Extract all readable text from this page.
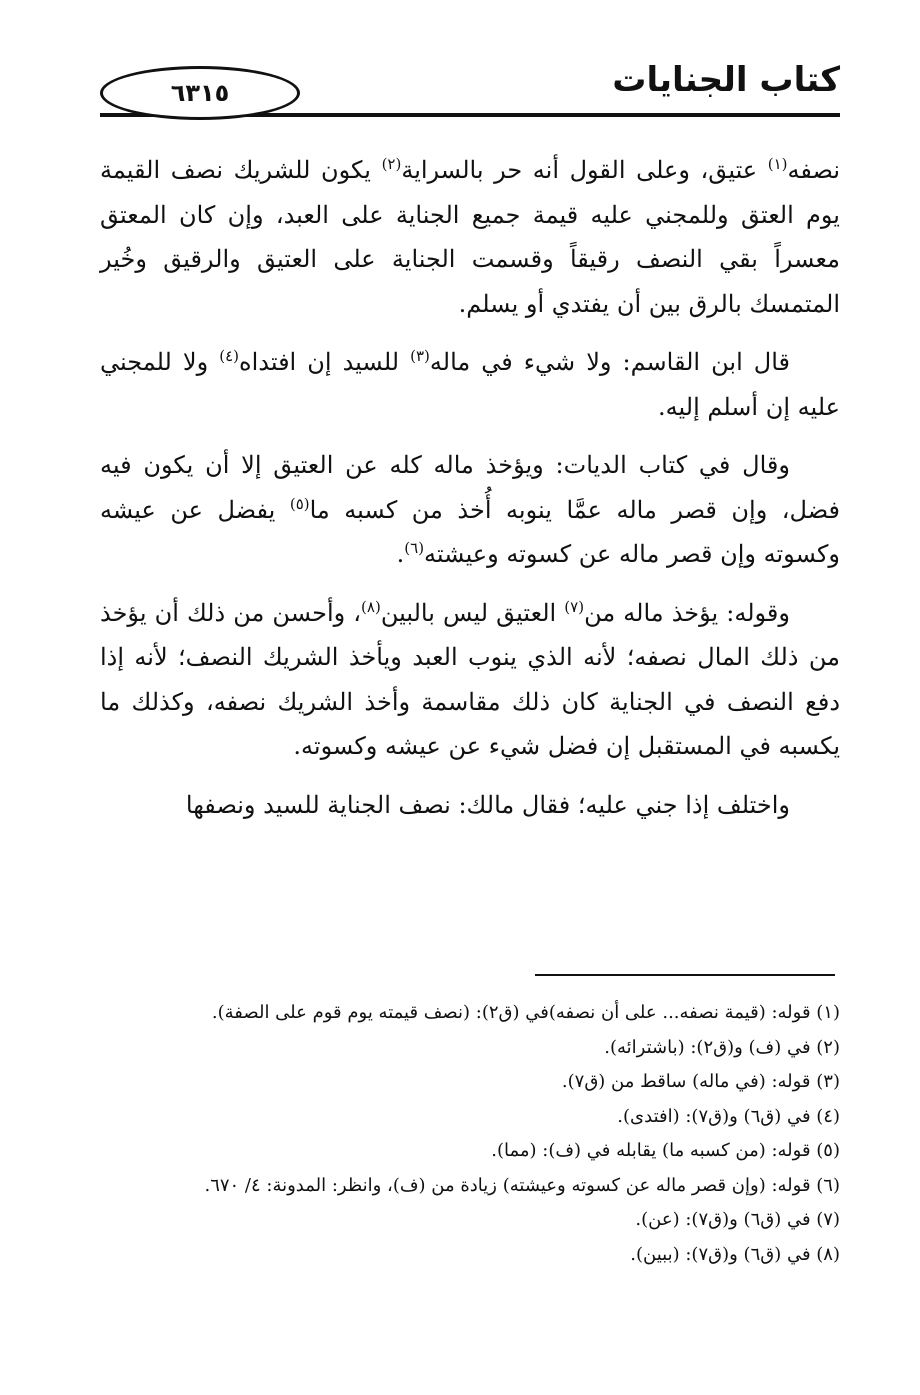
٦٣١٥	كتاب الجنايات

نصفه$^{(١)}$ عتيق، وعلى القول أنه حر بالسراية$^{(٢)}$ يكون للشريك نصف القيمة يوم العتق وللمجني عليه قيمة جميع الجناية على العبد، وإن كان المعتق معسراً بقي النصف رقيقاً وقسمت الجناية على العتيق والرقيق وخُير المتمسك بالرق بين أن يفتدي أو يسلم.

قال ابن القاسم: ولا شيء في ماله$^{(٣)}$ للسيد إن افتداه$^{(٤)}$ ولا للمجني عليه إن أسلم إليه.

وقال في كتاب الديات: ويؤخذ ماله كله عن العتيق إلا أن يكون فيه فضل، وإن قصر ماله عمَّا ينوبه أُخذ من كسبه ما$^{(٥)}$ يفضل عن عيشه وكسوته وإن قصر ماله عن كسوته وعيشته$^{(٦)}$.

وقوله: يؤخذ ماله من$^{(٧)}$ العتيق ليس بالبين$^{(٨)}$، وأحسن من ذلك أن يؤخذ من ذلك المال نصفه؛ لأنه الذي ينوب العبد ويأخذ الشريك النصف؛ لأنه إذا دفع النصف في الجناية كان ذلك مقاسمة وأخذ الشريك نصفه، وكذلك ما يكسبه في المستقبل إن فضل شيء عن عيشه وكسوته.

واختلف إذا جني عليه؛ فقال مالك: نصف الجناية للسيد ونصفها

(١) قوله: (قيمة نصفه... على أن نصفه)في (ق٢): (نصف قيمته يوم قوم على الصفة).

(٢) في (ف) و(ق٢): (باشترائه).

(٣) قوله: (في ماله) ساقط من (ق٧).

(٤) في (ق٦) و(ق٧): (افتدى).

(٥) قوله: (من كسبه ما) يقابله في (ف): (مما).

(٦) قوله: (وإن قصر ماله عن كسوته وعيشته) زيادة من (ف)، وانظر: المدونة: ٤/ ٦٧٠.

(٧) في (ق٦) و(ق٧): (عن).

(٨) في (ق٦) و(ق٧): (ببين).
